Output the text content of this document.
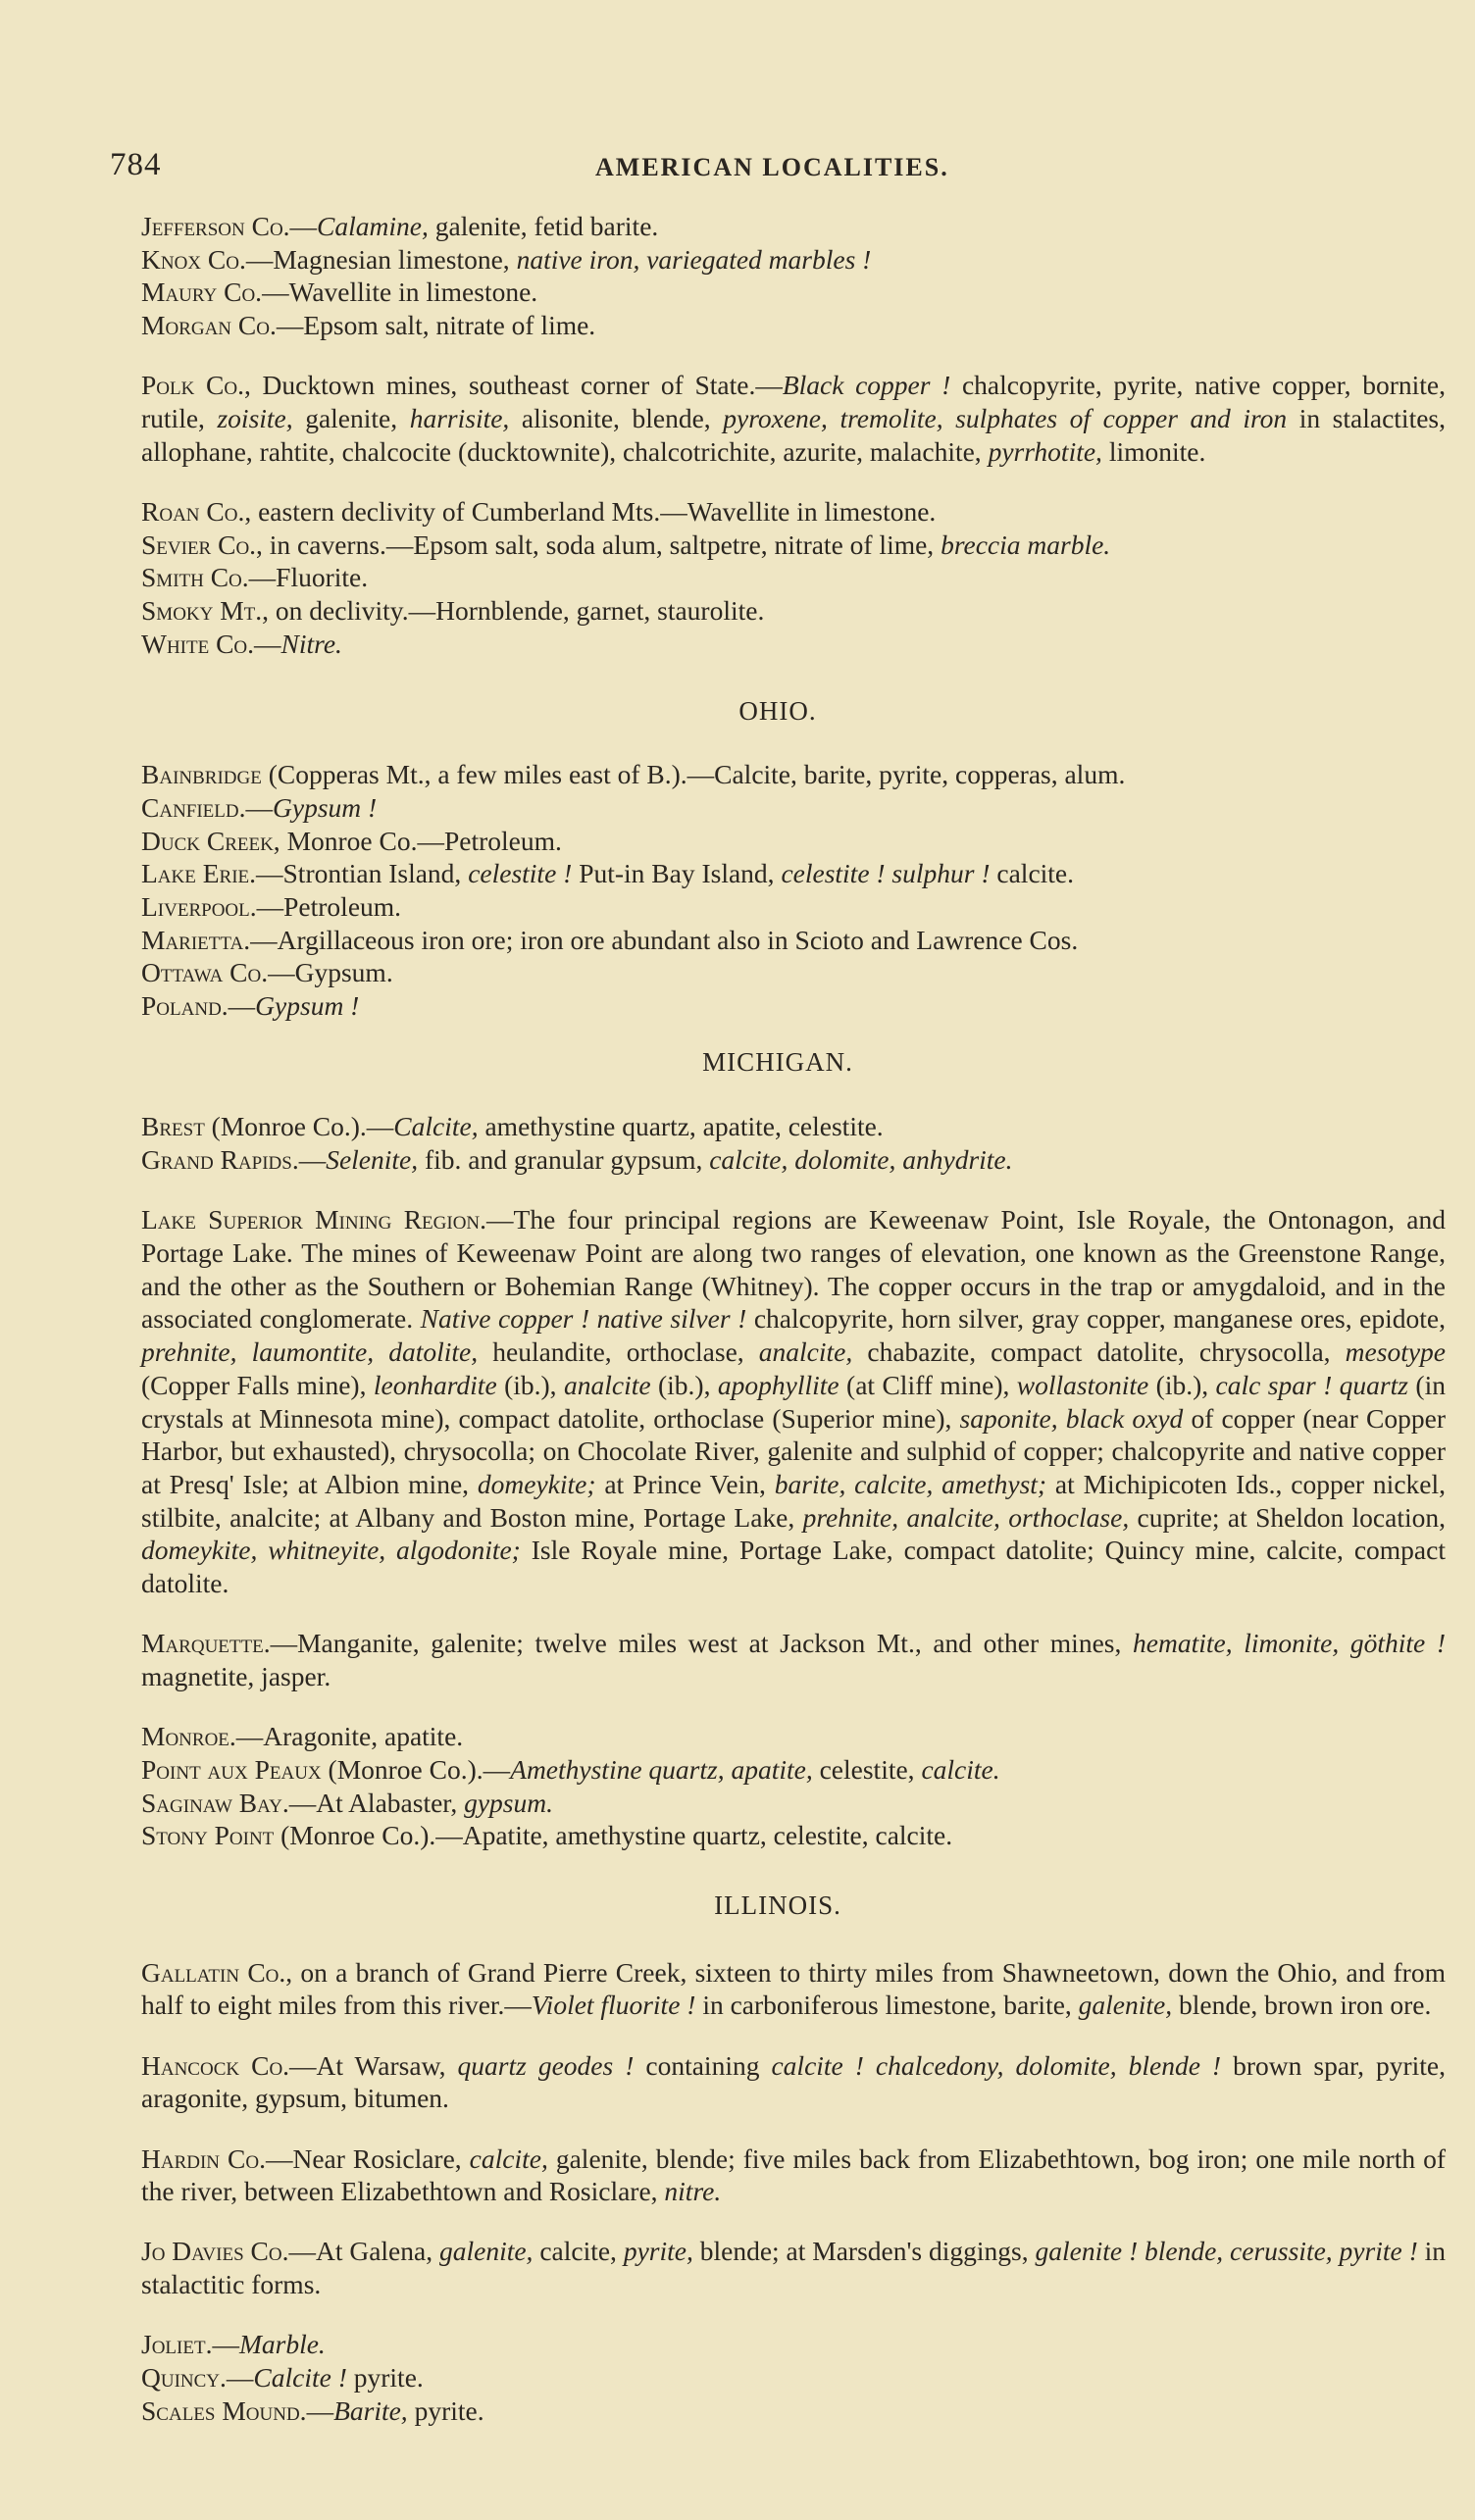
784	AMERICAN LOCALITIES.

Jefferson Co.—Calamine, galenite, fetid barite.

Knox Co.—Magnesian limestone, native iron, variegated marbles !

Maury Co.—Wavellite in limestone.

Morgan Co.—Epsom salt, nitrate of lime.

Polk Co., Ducktown mines, southeast corner of State.—Black copper ! chalcopyrite, pyrite, native copper, bornite, rutile, zoisite, galenite, harrisite, alisonite, blende, pyroxene, tremolite, sulphates of copper and iron in stalactites, allophane, rahtite, chalcocite (ducktownite), chalcotrichite, azurite, malachite, pyrrhotite, limonite.

Roan Co., eastern declivity of Cumberland Mts.—Wavellite in limestone.

Sevier Co., in caverns.—Epsom salt, soda alum, saltpetre, nitrate of lime, breccia marble.

Smith Co.—Fluorite.

Smoky Mt., on declivity.—Hornblende, garnet, staurolite.

White Co.—Nitre.

OHIO.

Bainbridge (Copperas Mt., a few miles east of B.).—Calcite, barite, pyrite, copperas, alum.

Canfield.—Gypsum !

Duck Creek, Monroe Co.—Petroleum.

Lake Erie.—Strontian Island, celestite ! Put-in Bay Island, celestite ! sulphur ! calcite.

Liverpool.—Petroleum.

Marietta.—Argillaceous iron ore; iron ore abundant also in Scioto and Lawrence Cos.

Ottawa Co.—Gypsum.

Poland.—Gypsum !

MICHIGAN.

Brest (Monroe Co.).—Calcite, amethystine quartz, apatite, celestite.

Grand Rapids.—Selenite, fib. and granular gypsum, calcite, dolomite, anhydrite.

Lake Superior Mining Region.—The four principal regions are Keweenaw Point, Isle Royale, the Ontonagon, and Portage Lake. The mines of Keweenaw Point are along two ranges of elevation, one known as the Greenstone Range, and the other as the Southern or Bohemian Range (Whitney). The copper occurs in the trap or amygdaloid, and in the associated conglomerate. Native copper ! native silver ! chalcopyrite, horn silver, gray copper, manganese ores, epidote, prehnite, laumontite, datolite, heulandite, orthoclase, analcite, chabazite, compact datolite, chrysocolla, mesotype (Copper Falls mine), leonhardite (ib.), analcite (ib.), apophyllite (at Cliff mine), wollastonite (ib.), calc spar ! quartz (in crystals at Minnesota mine), compact datolite, orthoclase (Superior mine), saponite, black oxyd of copper (near Copper Harbor, but exhausted), chrysocolla; on Chocolate River, galenite and sulphid of copper; chalcopyrite and native copper at Presq' Isle; at Albion mine, domeykite; at Prince Vein, barite, calcite, amethyst; at Michipicoten Ids., copper nickel, stilbite, analcite; at Albany and Boston mine, Portage Lake, prehnite, analcite, orthoclase, cuprite; at Sheldon location, domeykite, whitneyite, algodonite; Isle Royale mine, Portage Lake, compact datolite; Quincy mine, calcite, compact datolite.

Marquette.—Manganite, galenite; twelve miles west at Jackson Mt., and other mines, hematite, limonite, göthite ! magnetite, jasper.

Monroe.—Aragonite, apatite.

Point aux Peaux (Monroe Co.).—Amethystine quartz, apatite, celestite, calcite.

Saginaw Bay.—At Alabaster, gypsum.

Stony Point (Monroe Co.).—Apatite, amethystine quartz, celestite, calcite.

ILLINOIS.

Gallatin Co., on a branch of Grand Pierre Creek, sixteen to thirty miles from Shawneetown, down the Ohio, and from half to eight miles from this river.—Violet fluorite ! in carboniferous limestone, barite, galenite, blende, brown iron ore.

Hancock Co.—At Warsaw, quartz geodes ! containing calcite ! chalcedony, dolomite, blende ! brown spar, pyrite, aragonite, gypsum, bitumen.

Hardin Co.—Near Rosiclare, calcite, galenite, blende; five miles back from Elizabethtown, bog iron; one mile north of the river, between Elizabethtown and Rosiclare, nitre.

Jo Davies Co.—At Galena, galenite, calcite, pyrite, blende; at Marsden's diggings, galenite ! blende, cerussite, pyrite ! in stalactitic forms.

Joliet.—Marble.

Quincy.—Calcite ! pyrite.

Scales Mound.—Barite, pyrite.
